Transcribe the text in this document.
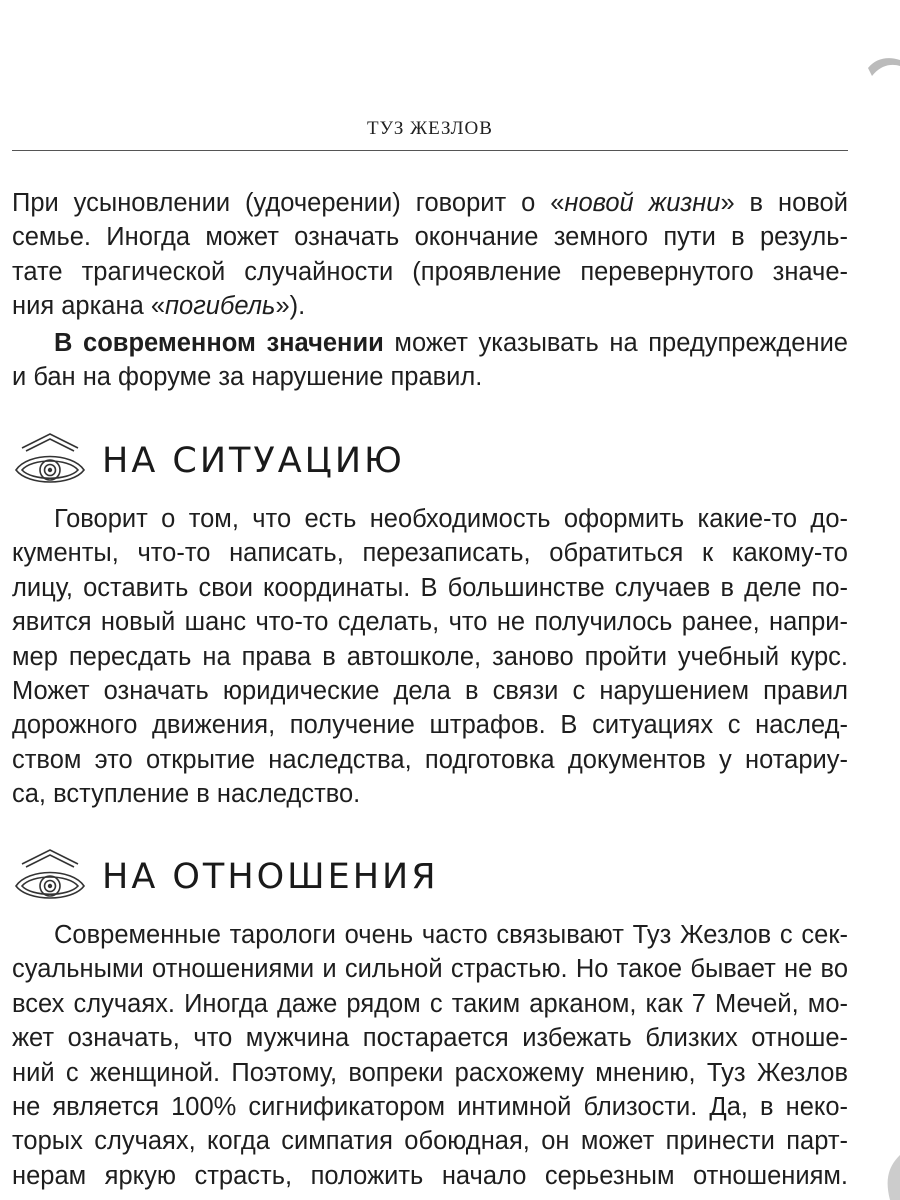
ТУЗ ЖЕЗЛОВ
При усыновлении (удочерении) говорит о «новой жизни» в новой
семье. Иногда может означать окончание земного пути в резуль-
тате трагической случайности (проявление перевернутого значе-
ния аркана «погибель»).
В современном значении может указывать на предупреждение
и бан на форуме за нарушение правил.
НА СИТУАЦИЮ
Говорит о том, что есть необходимость оформить какие-то до-
кументы, что-то написать, перезаписать, обратиться к какому-то
лицу, оставить свои координаты. В большинстве случаев в деле по-
явится новый шанс что-то сделать, что не получилось ранее, напри-
мер пересдать на права в автошколе, заново пройти учебный курс.
Может означать юридические дела в связи с нарушением правил
дорожного движения, получение штрафов. В ситуациях с наслед-
ством это открытие наследства, подготовка документов у нотариу-
са, вступление в наследство.
НА ОТНОШЕНИЯ
Современные тарологи очень часто связывают Туз Жезлов с сек-
суальными отношениями и сильной страстью. Но такое бывает не во
всех случаях. Иногда даже рядом с таким арканом, как 7 Мечей, мо-
жет означать, что мужчина постарается избежать близких отноше-
ний с женщиной. Поэтому, вопреки расхожему мнению, Туз Жезлов
не является 100% сигнификатором интимной близости. Да, в неко-
торых случаях, когда симпатия обоюдная, он может принести парт-
нерам яркую страсть, положить начало серьезным отношениям.
